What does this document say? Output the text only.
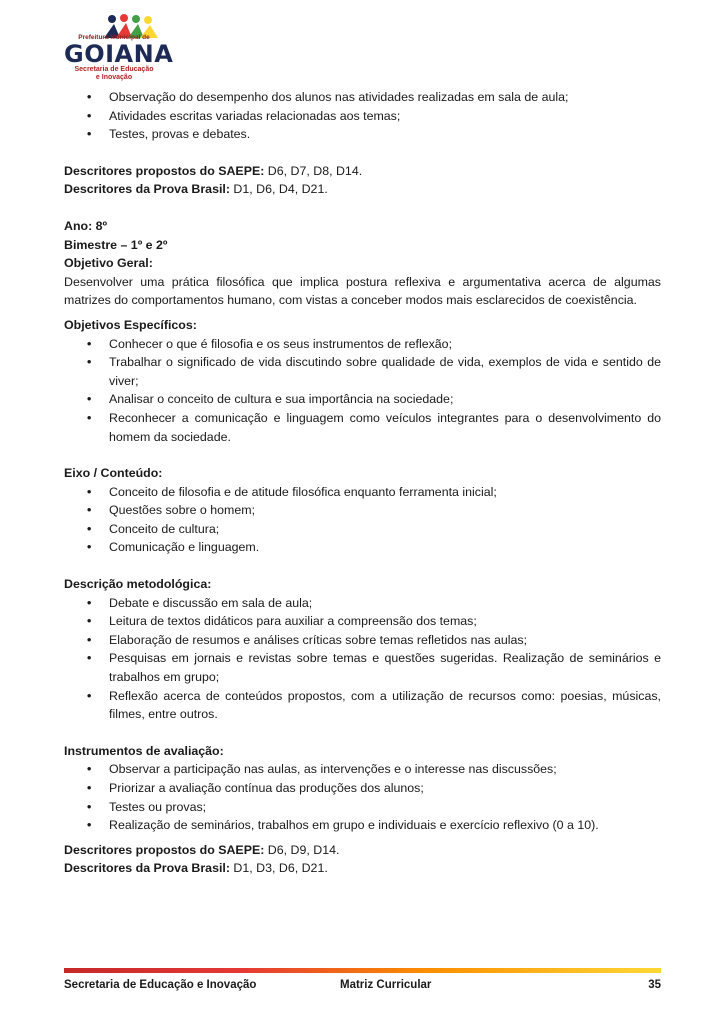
Prefeitura Municipal de
GOIANA
Secretaria de Educação
e Inovação
• Observação do desempenho dos alunos nas atividades realizadas em sala de aula;
• Atividades escritas variadas relacionadas aos temas;
• Testes, provas e debates.

Descritores propostos do SAEPE: D6, D7, D8, D14.

Descritores da Prova Brasil: D1, D6, D4, D21.

Ano: 8º

Bimestre – 1º e 2º

Objetivo Geral:

Desenvolver uma prática filosófica que implica postura reflexiva e argumentativa acerca de algumas matrizes do comportamentos humano, com vistas a conceber modos mais esclarecidos de coexistência.

Objetivos Específicos:

• Conhecer o que é filosofia e os seus instrumentos de reflexão;
• Trabalhar o significado de vida discutindo sobre qualidade de vida, exemplos de vida e sentido de viver;
• Analisar o conceito de cultura e sua importância na sociedade;
• Reconhecer a comunicação e linguagem como veículos integrantes para o desenvolvimento do homem da sociedade.

Eixo / Conteúdo:

• Conceito de filosofia e de atitude filosófica enquanto ferramenta inicial;
• Questões sobre o homem;
• Conceito de cultura;
• Comunicação e linguagem.

Descrição metodológica:

• Debate e discussão em sala de aula;
• Leitura de textos didáticos para auxiliar a compreensão dos temas;
• Elaboração de resumos e análises críticas sobre temas refletidos nas aulas;
• Pesquisas em jornais e revistas sobre temas e questões sugeridas. Realização de seminários e trabalhos em grupo;
• Reflexão acerca de conteúdos propostos, com a utilização de recursos como: poesias, músicas, filmes, entre outros.

Instrumentos de avaliação:

• Observar a participação nas aulas, as intervenções e o interesse nas discussões;
• Priorizar a avaliação contínua das produções dos alunos;
• Testes ou provas;
• Realização de seminários, trabalhos em grupo e individuais e exercício reflexivo (0 a 10).

Descritores propostos do SAEPE: D6, D9, D14.

Descritores da Prova Brasil: D1, D3, D6, D21.

Secretaria de Educação e Inovação	Matriz Curricular	35
